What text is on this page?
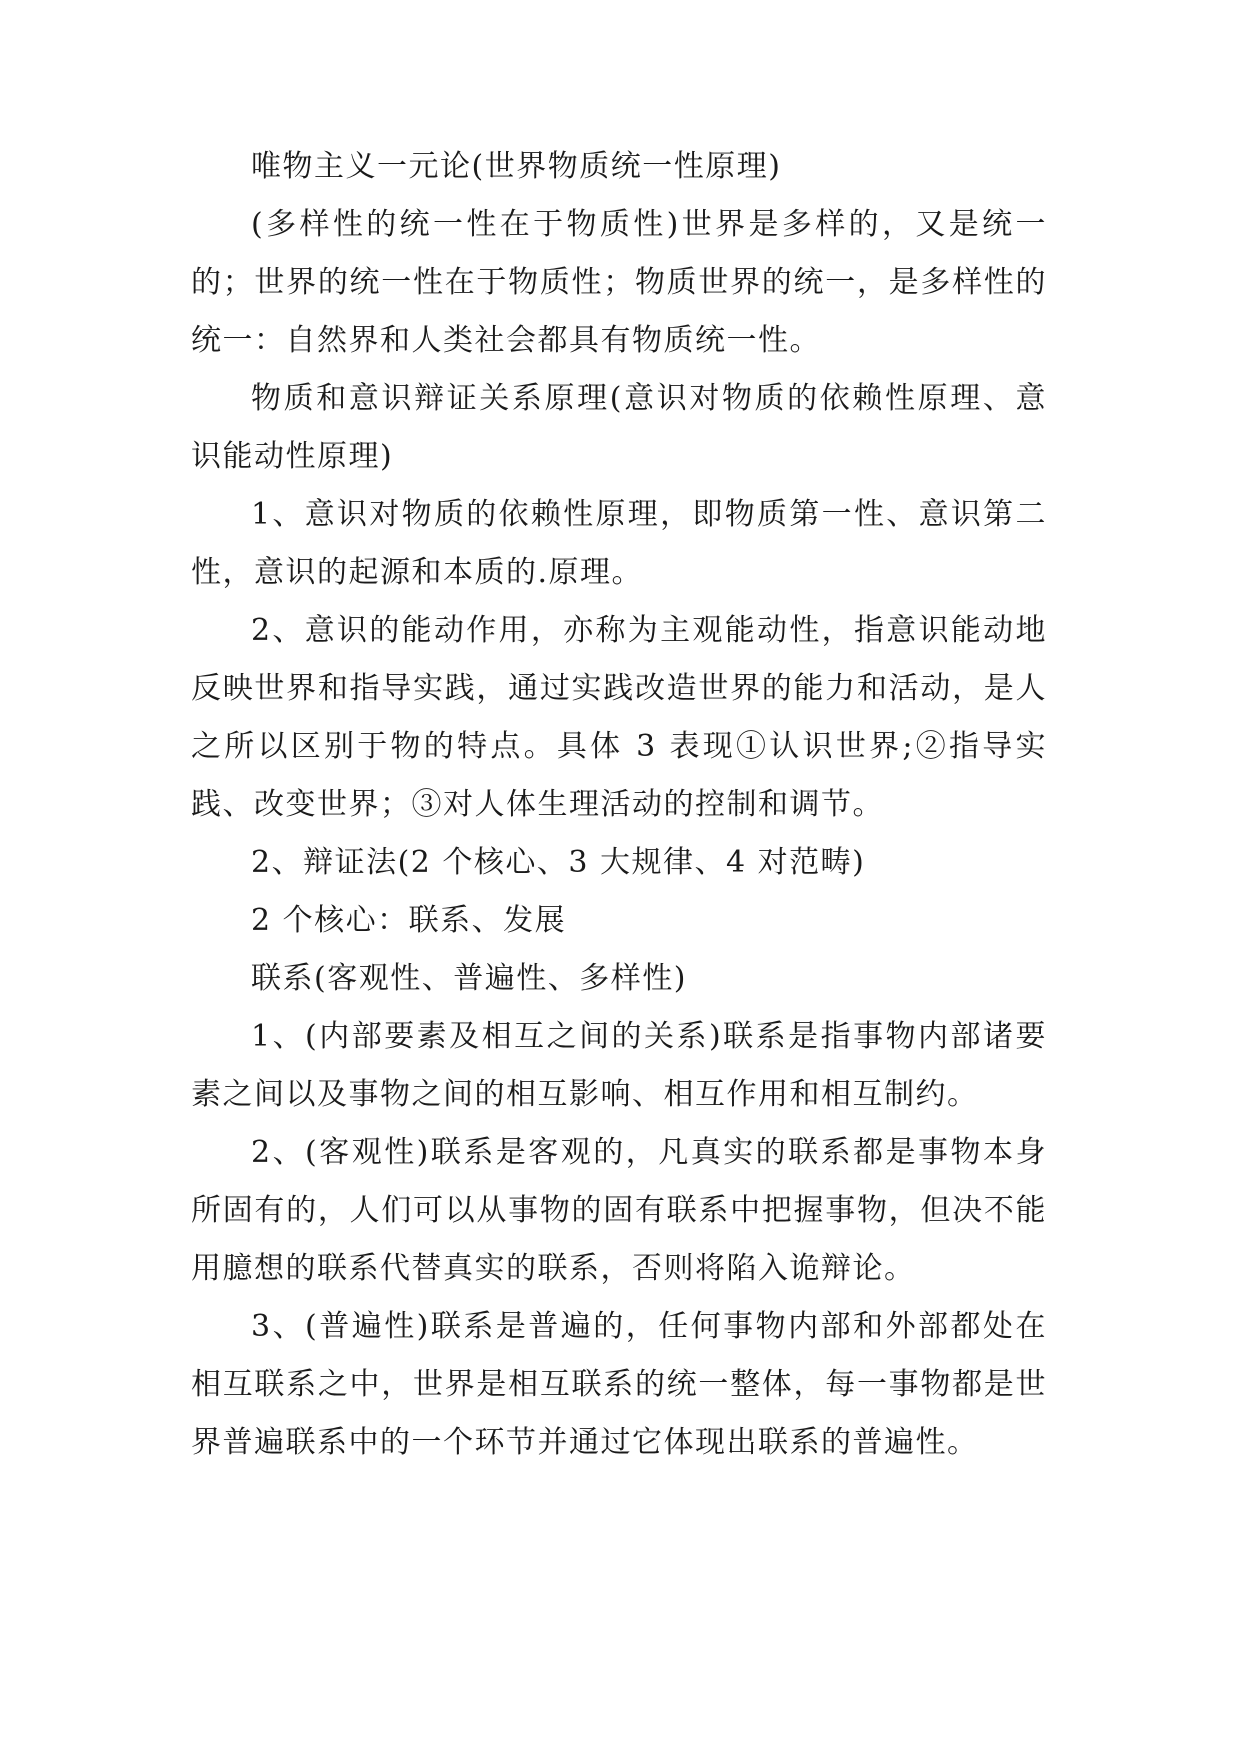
唯物主义一元论(世界物质统一性原理)

(多样性的统一性在于物质性)世界是多样的，又是统一的；世界的统一性在于物质性；物质世界的统一，是多样性的统一：自然界和人类社会都具有物质统一性。

物质和意识辩证关系原理(意识对物质的依赖性原理、意识能动性原理)

1、意识对物质的依赖性原理，即物质第一性、意识第二性，意识的起源和本质的.原理。

2、意识的能动作用，亦称为主观能动性，指意识能动地反映世界和指导实践，通过实践改造世界的能力和活动，是人之所以区别于物的特点。具体 3 表现①认识世界;②指导实践、改变世界；③对人体生理活动的控制和调节。

2、辩证法(2 个核心、3 大规律、4 对范畴)

2 个核心：联系、发展

联系(客观性、普遍性、多样性)

1、(内部要素及相互之间的关系)联系是指事物内部诸要素之间以及事物之间的相互影响、相互作用和相互制约。

2、(客观性)联系是客观的，凡真实的联系都是事物本身所固有的，人们可以从事物的固有联系中把握事物，但决不能用臆想的联系代替真实的联系，否则将陷入诡辩论。

3、(普遍性)联系是普遍的，任何事物内部和外部都处在相互联系之中，世界是相互联系的统一整体，每一事物都是世界普遍联系中的一个环节并通过它体现出联系的普遍性。
